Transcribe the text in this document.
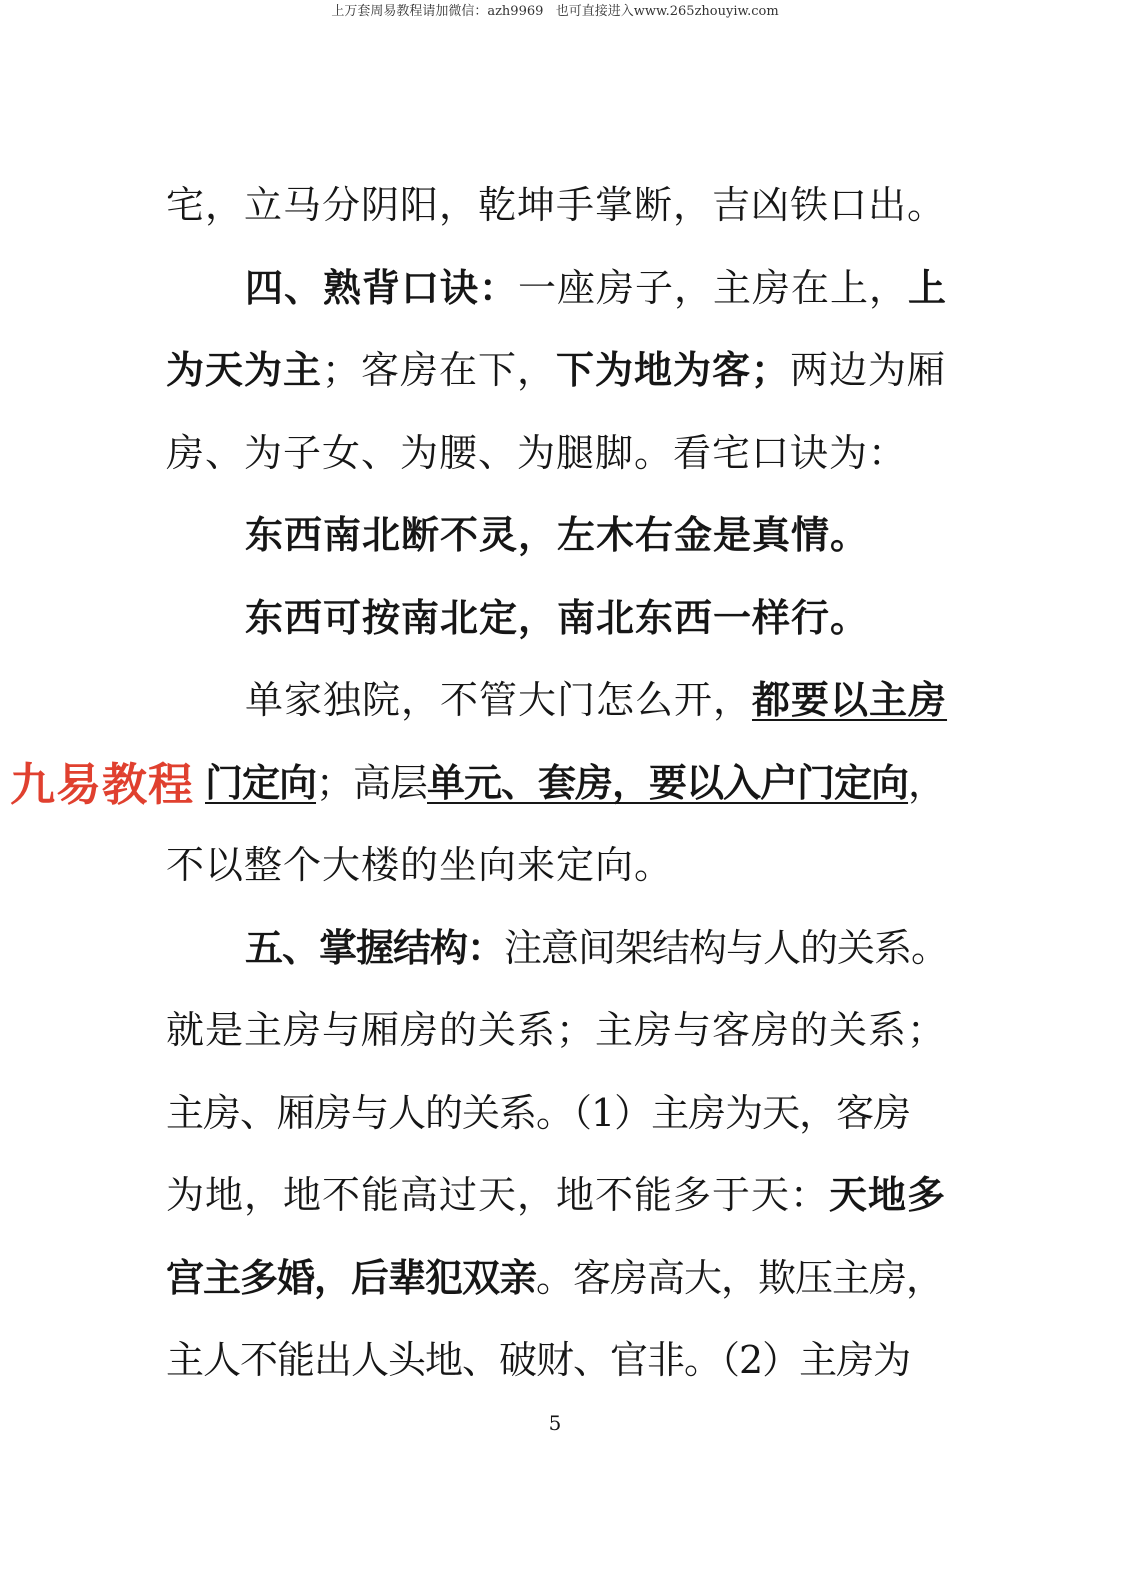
上万套周易教程请加微信：azh9969   也可直接进入www.265zhouyiw.com
宅，立马分阴阳，乾坤手掌断，吉凶铁口出。
四、熟背口诀：一座房子，主房在上，上
为天为主；客房在下，下为地为客；两边为厢
房、为子女、为腰、为腿脚。看宅口诀为：
东西南北断不灵，左木右金是真情。
东西可按南北定，南北东西一样行。
单家独院，不管大门怎么开，都要以主房
门定向；高层单元、套房，要以入户门定向，
不以整个大楼的坐向来定向。
五、掌握结构：注意间架结构与人的关系。
就是主房与厢房的关系；主房与客房的关系；
主房、厢房与人的关系。（1）主房为天，客房
为地，地不能高过天，地不能多于天：天地多
宫主多婚，后辈犯双亲。客房高大，欺压主房，
主人不能出人头地、破财、官非。（2）主房为
九易教程
5
